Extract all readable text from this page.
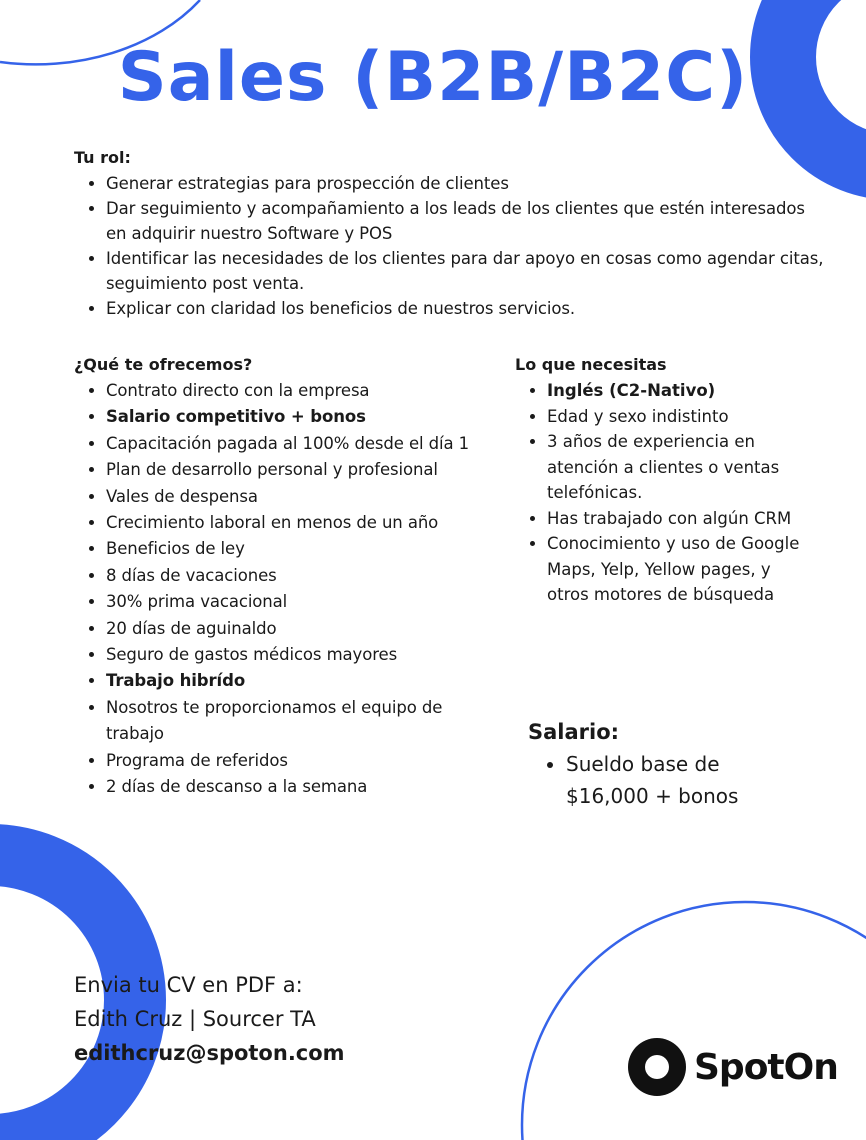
Sales (B2B/B2C)

Tu rol:

• Generar estrategias para prospección de clientes
• Dar seguimiento y acompañamiento a los leads de los clientes que estén interesados en adquirir nuestro Software y POS
• Identificar las necesidades de los clientes para dar apoyo en cosas como agendar citas, seguimiento post venta.
• Explicar con claridad los beneficios de nuestros servicios.

¿Qué te ofrecemos?

• Contrato directo con la empresa
• Salario competitivo + bonos
• Capacitación pagada al 100% desde el día 1
• Plan de desarrollo personal y profesional
• Vales de despensa
• Crecimiento laboral en menos de un año
• Beneficios de ley
• 8 días de vacaciones
• 30% prima vacacional
• 20 días de aguinaldo
• Seguro de gastos médicos mayores
• Trabajo hibrído
• Nosotros te proporcionamos el equipo de trabajo
• Programa de referidos
• 2 días de descanso a la semana

Lo que necesitas

• Inglés (C2-Nativo)
• Edad y sexo indistinto
• 3 años de experiencia en atención a clientes o ventas telefónicas.
• Has trabajado con algún CRM
• Conocimiento y uso de Google Maps, Yelp, Yellow pages, y otros motores de búsqueda

Salario:

• Sueldo base de $16,000 + bonos
Envia tu CV en PDF a:
Edith Cruz | Sourcer TA
edithcruz@spoton.com	SpotOn
